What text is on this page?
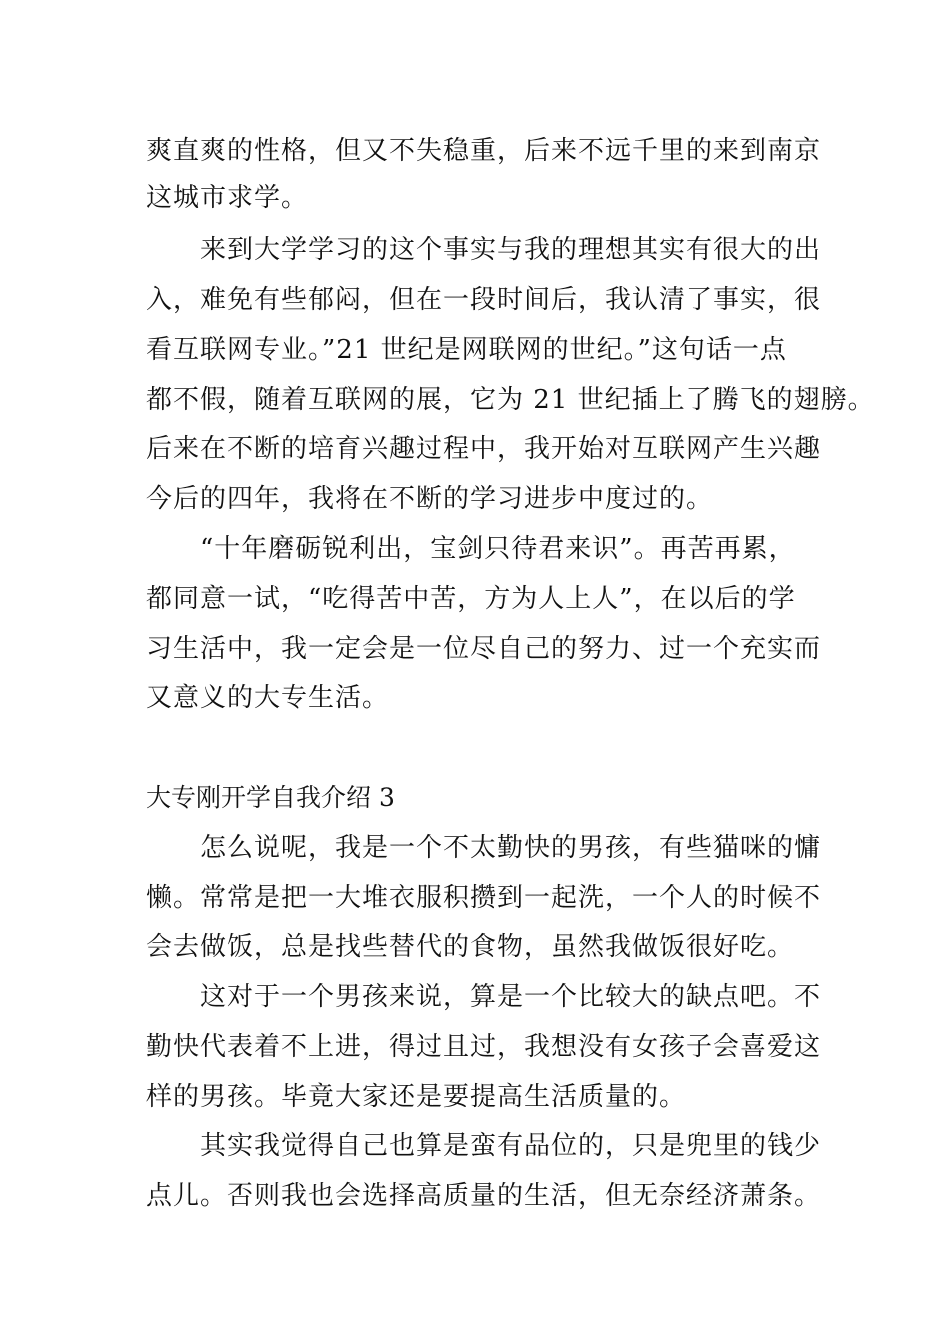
爽直爽的性格，但又不失稳重，后来不远千里的来到南京

这城市求学。

来到大学学习的这个事实与我的理想其实有很大的出

入，难免有些郁闷，但在一段时间后，我认清了事实，很

看互联网专业。”21 世纪是网联网的世纪。”这句话一点

都不假，随着互联网的展，它为 21 世纪插上了腾飞的翅膀。

后来在不断的培育兴趣过程中，我开始对互联网产生兴趣

今后的四年，我将在不断的学习进步中度过的。

“十年磨砺锐利出，宝剑只待君来识”。再苦再累，

都同意一试，“吃得苦中苦，方为人上人”，在以后的学

习生活中，我一定会是一位尽自己的努力、过一个充实而

又意义的大专生活。

大专刚开学自我介绍 3

怎么说呢，我是一个不太勤快的男孩，有些猫咪的慵

懒。常常是把一大堆衣服积攒到一起洗，一个人的时候不

会去做饭，总是找些替代的食物，虽然我做饭很好吃。

这对于一个男孩来说，算是一个比较大的缺点吧。不

勤快代表着不上进，得过且过，我想没有女孩子会喜爱这

样的男孩。毕竟大家还是要提高生活质量的。

其实我觉得自己也算是蛮有品位的，只是兜里的钱少

点儿。否则我也会选择高质量的生活，但无奈经济萧条。
